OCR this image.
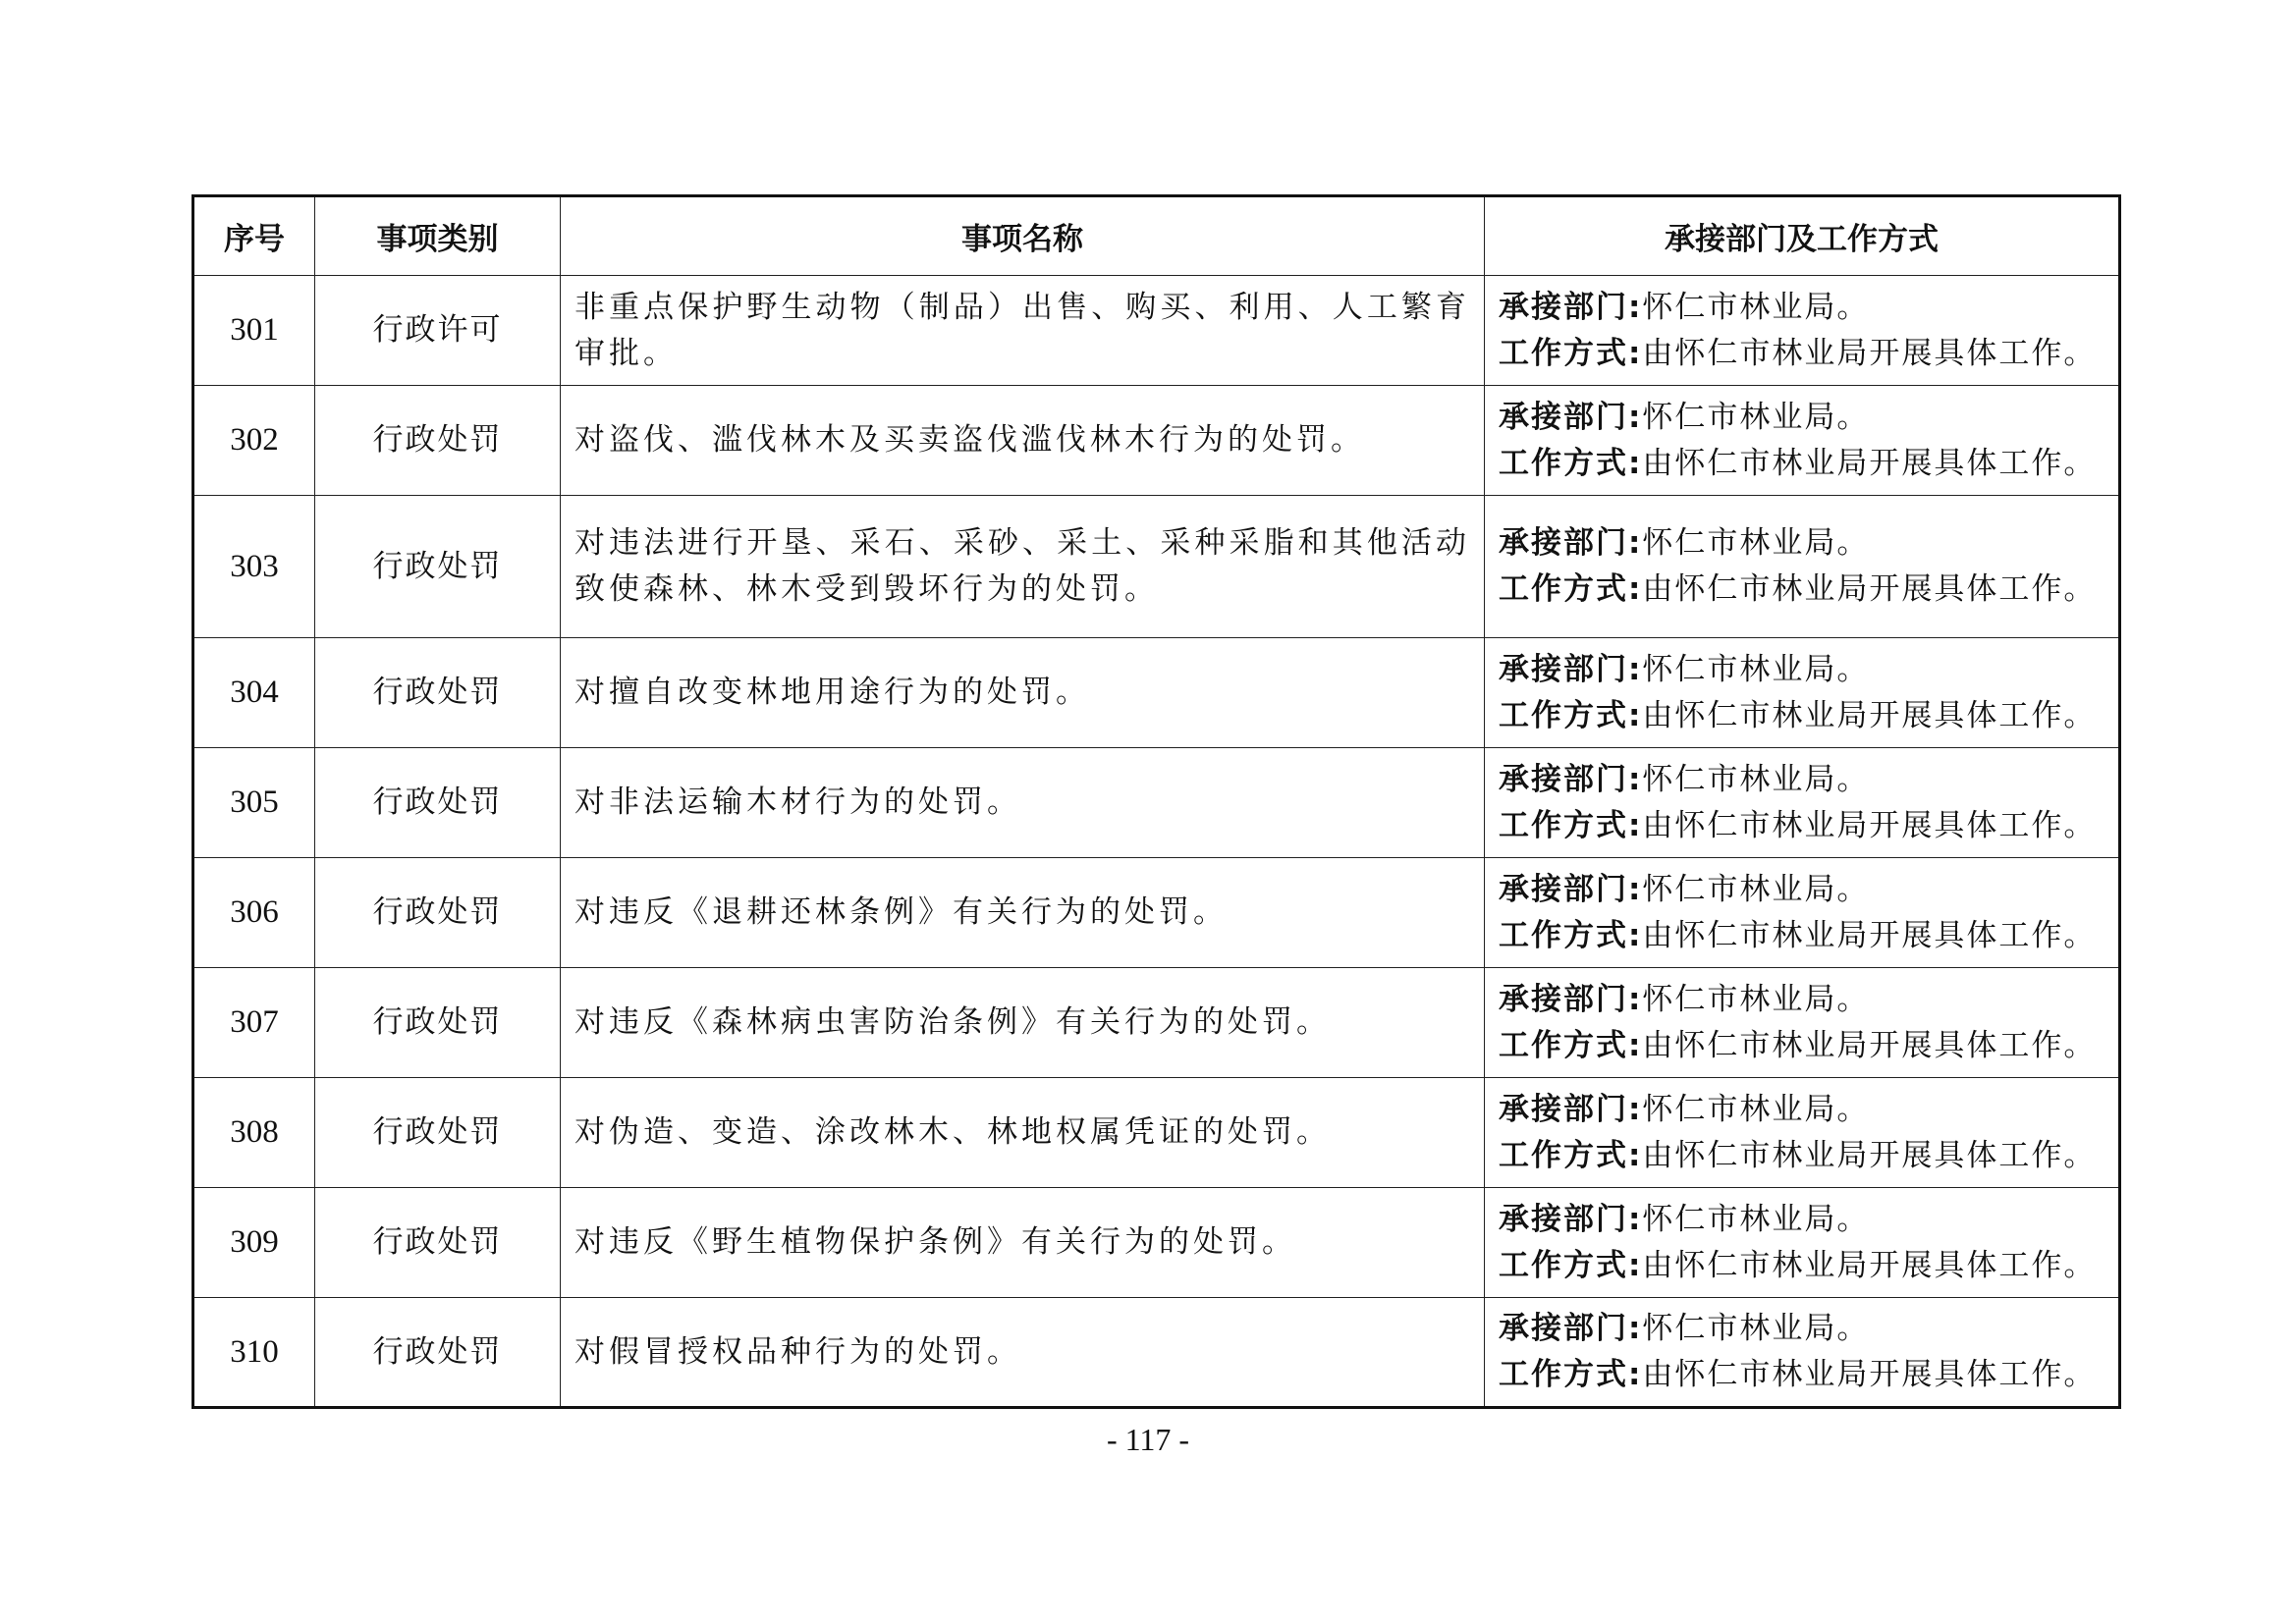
序号	事项类别	事项名称	承接部门及工作方式
301	行政许可	非重点保护野生动物（制品）出售、购买、利用、人工繁育审批。	承接部门:怀仁市林业局。
工作方式:由怀仁市林业局开展具体工作。

302	行政处罚	对盗伐、滥伐林木及买卖盗伐滥伐林木行为的处罚。	承接部门:怀仁市林业局。
工作方式:由怀仁市林业局开展具体工作。

303	行政处罚	对违法进行开垦、采石、采砂、采土、采种采脂和其他活动致使森林、林木受到毁坏行为的处罚。	承接部门:怀仁市林业局。
工作方式:由怀仁市林业局开展具体工作。

304	行政处罚	对擅自改变林地用途行为的处罚。	承接部门:怀仁市林业局。
工作方式:由怀仁市林业局开展具体工作。

305	行政处罚	对非法运输木材行为的处罚。	承接部门:怀仁市林业局。
工作方式:由怀仁市林业局开展具体工作。

306	行政处罚	对违反《退耕还林条例》有关行为的处罚。	承接部门:怀仁市林业局。
工作方式:由怀仁市林业局开展具体工作。

307	行政处罚	对违反《森林病虫害防治条例》有关行为的处罚。	承接部门:怀仁市林业局。
工作方式:由怀仁市林业局开展具体工作。

308	行政处罚	对伪造、变造、涂改林木、林地权属凭证的处罚。	承接部门:怀仁市林业局。
工作方式:由怀仁市林业局开展具体工作。

309	行政处罚	对违反《野生植物保护条例》有关行为的处罚。	承接部门:怀仁市林业局。
工作方式:由怀仁市林业局开展具体工作。

310	行政处罚	对假冒授权品种行为的处罚。	承接部门:怀仁市林业局。
工作方式:由怀仁市林业局开展具体工作。
- 117 -
